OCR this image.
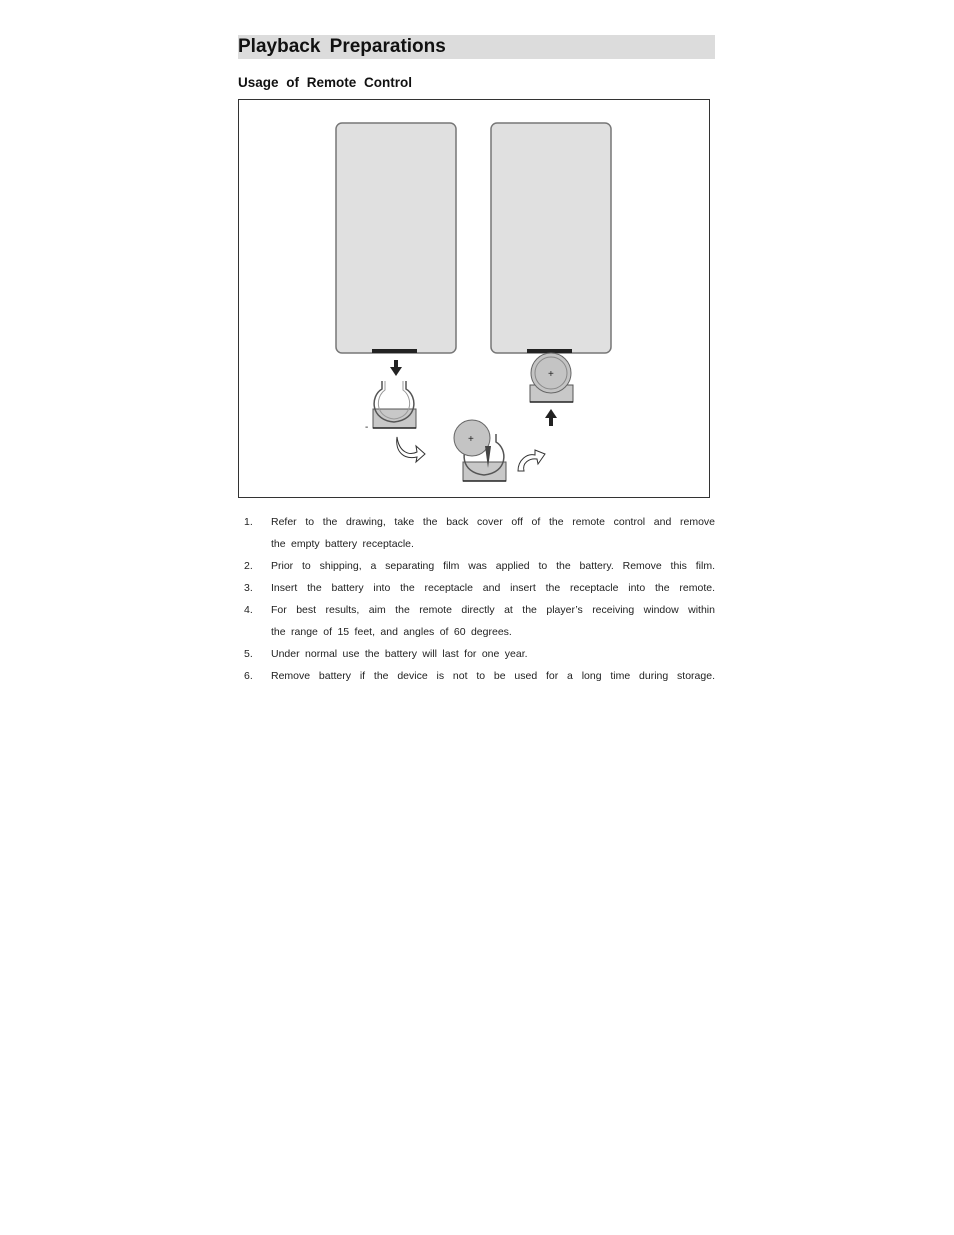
Playback Preparations
Usage of Remote Control
-
+
+
1. Refer to the drawing, take the back cover off of the remote control and remove
the empty battery receptacle.
2. Prior to shipping, a separating film was applied to the battery. Remove this film.
3. Insert the battery into the receptacle and insert the receptacle into the remote.
4. For best results, aim the remote directly at the player’s receiving window within
the range of 15 feet, and angles of 60 degrees.
5. Under normal use the battery will last for one year.
6. Remove battery if the device is not to be used for a long time during storage.
